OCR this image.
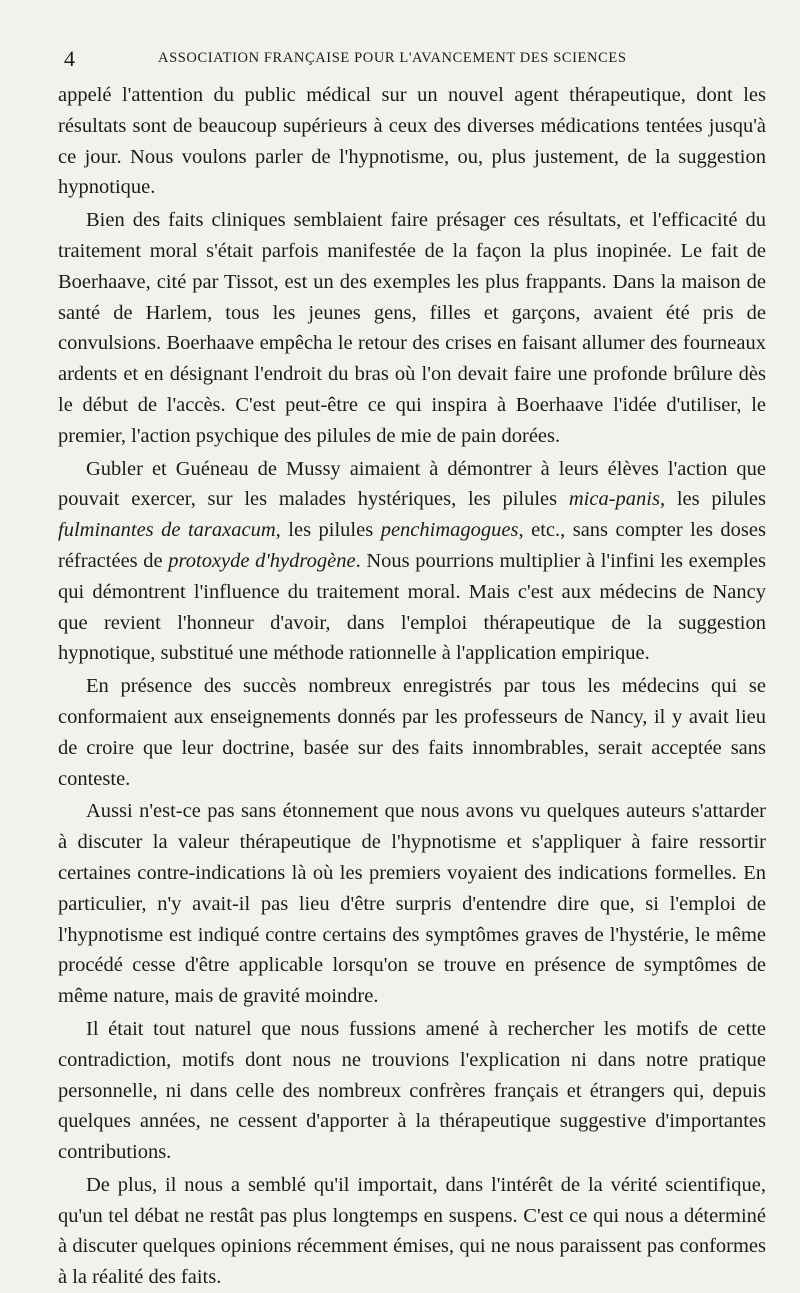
4	ASSOCIATION FRANÇAISE POUR L'AVANCEMENT DES SCIENCES

appelé l'attention du public médical sur un nouvel agent thérapeutique, dont les résultats sont de beaucoup supérieurs à ceux des diverses médications tentées jusqu'à ce jour. Nous voulons parler de l'hypnotisme, ou, plus justement, de la suggestion hypnotique.

Bien des faits cliniques semblaient faire présager ces résultats, et l'efficacité du traitement moral s'était parfois manifestée de la façon la plus inopinée. Le fait de Boerhaave, cité par Tissot, est un des exemples les plus frappants. Dans la maison de santé de Harlem, tous les jeunes gens, filles et garçons, avaient été pris de convulsions. Boerhaave empêcha le retour des crises en faisant allumer des fourneaux ardents et en désignant l'endroit du bras où l'on devait faire une profonde brûlure dès le début de l'accès. C'est peut-être ce qui inspira à Boerhaave l'idée d'utiliser, le premier, l'action psychique des pilules de mie de pain dorées.

Gubler et Guéneau de Mussy aimaient à démontrer à leurs élèves l'action que pouvait exercer, sur les malades hystériques, les pilules mica-panis, les pilules fulminantes de taraxacum, les pilules penchimagogues, etc., sans compter les doses réfractées de protoxyde d'hydrogène. Nous pourrions multiplier à l'infini les exemples qui démontrent l'influence du traitement moral. Mais c'est aux médecins de Nancy que revient l'honneur d'avoir, dans l'emploi thérapeutique de la suggestion hypnotique, substitué une méthode rationnelle à l'application empirique.

En présence des succès nombreux enregistrés par tous les médecins qui se conformaient aux enseignements donnés par les professeurs de Nancy, il y avait lieu de croire que leur doctrine, basée sur des faits innombrables, serait acceptée sans conteste.

Aussi n'est-ce pas sans étonnement que nous avons vu quelques auteurs s'attarder à discuter la valeur thérapeutique de l'hypnotisme et s'appliquer à faire ressortir certaines contre-indications là où les premiers voyaient des indications formelles. En particulier, n'y avait-il pas lieu d'être surpris d'entendre dire que, si l'emploi de l'hypnotisme est indiqué contre certains des symptômes graves de l'hystérie, le même procédé cesse d'être applicable lorsqu'on se trouve en présence de symptômes de même nature, mais de gravité moindre.

Il était tout naturel que nous fussions amené à rechercher les motifs de cette contradiction, motifs dont nous ne trouvions l'explication ni dans notre pratique personnelle, ni dans celle des nombreux confrères français et étrangers qui, depuis quelques années, ne cessent d'apporter à la thérapeutique suggestive d'importantes contributions.

De plus, il nous a semblé qu'il importait, dans l'intérêt de la vérité scientifique, qu'un tel débat ne restât pas plus longtemps en suspens. C'est ce qui nous a déterminé à discuter quelques opinions récemment émises, qui ne nous paraissent pas conformes à la réalité des faits.
